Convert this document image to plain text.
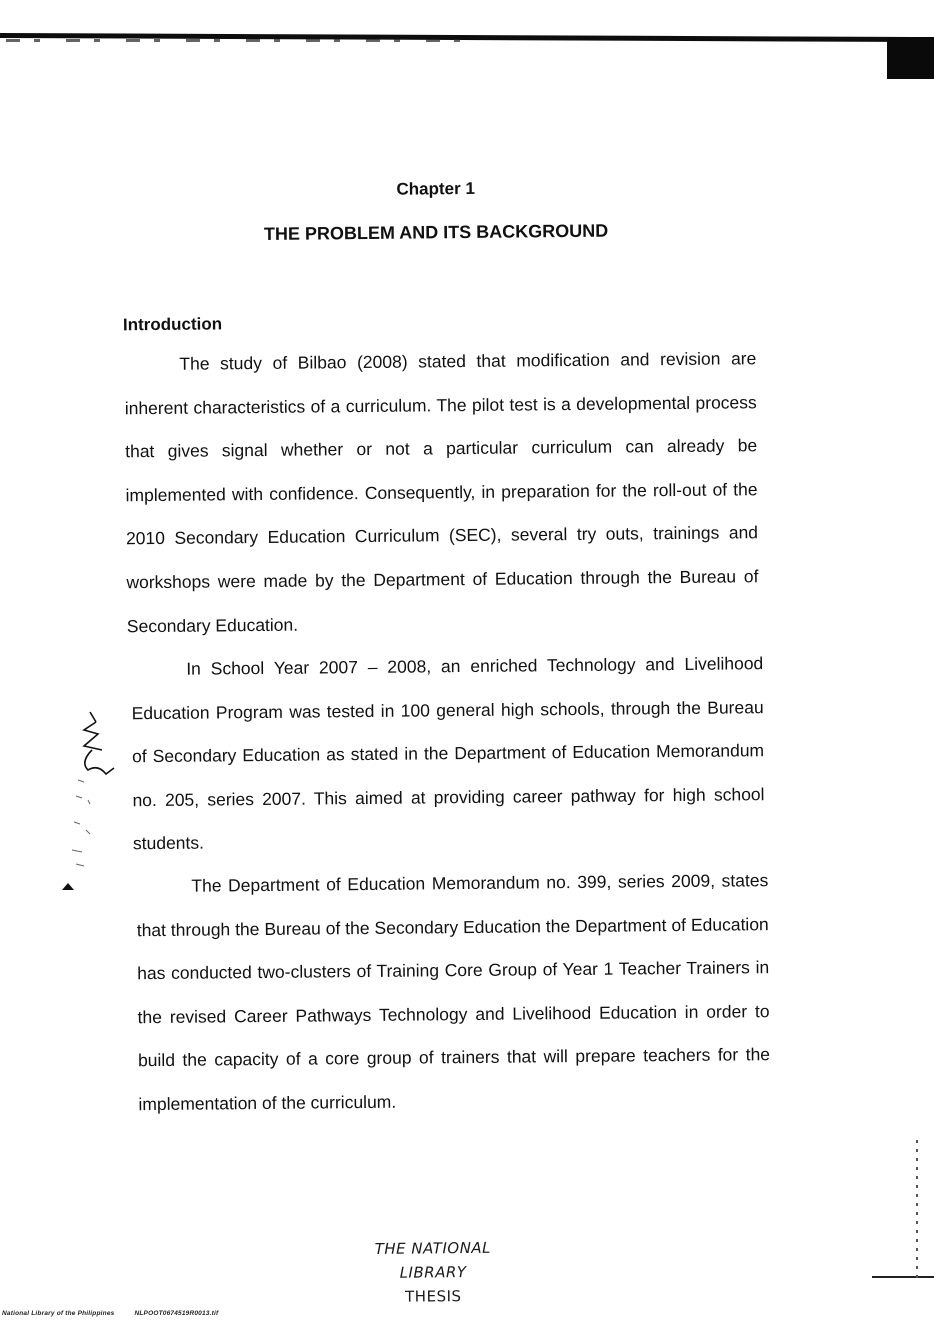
Chapter 1
THE PROBLEM AND ITS BACKGROUND
Introduction

The study of Bilbao (2008) stated that modification and revision are inherent characteristics of a curriculum. The pilot test is a developmental process that gives signal whether or not a particular curriculum can already be implemented with confidence. Consequently, in preparation for the roll-out of the 2010 Secondary Education Curriculum (SEC), several try outs, trainings and workshops were made by the Department of Education through the Bureau of Secondary Education.

In School Year 2007 – 2008, an enriched Technology and Livelihood Education Program was tested in 100 general high schools, through the Bureau of Secondary Education as stated in the Department of Education Memorandum no. 205, series 2007. This aimed at providing career pathway for high school students.

The Department of Education Memorandum no. 399, series 2009, states that through the Bureau of the Secondary Education the Department of Education has conducted two-clusters of Training Core Group of Year 1 Teacher Trainers in the revised Career Pathways Technology and Livelihood Education in order to build the capacity of a core group of trainers that will prepare teachers for the implementation of the curriculum.

THE NATIONAL LIBRARY
THESIS
National Library of the Philippines	NLPOOT0674519R0013.tif
